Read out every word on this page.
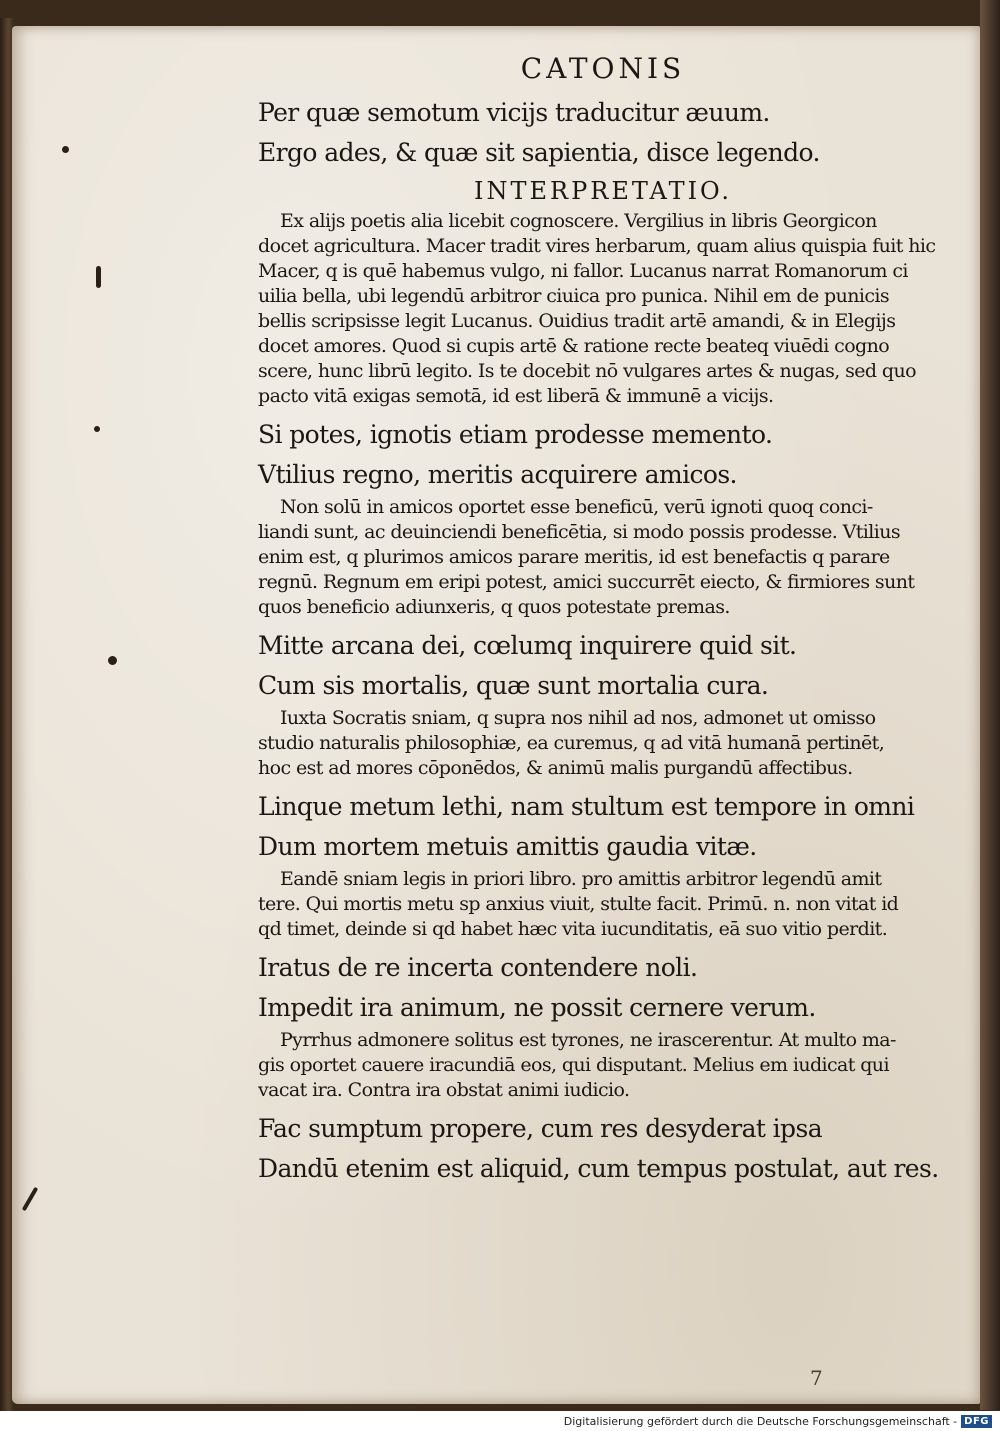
CATONIS

Per quæ semotum vicijs traducitur æuum.

Ergo ades, & quæ sit sapientia, disce legendo.

INTERPRETATIO.
Ex alijs poetis alia licebit cognoscere. Vergilius in libris Georgicon
docet agricultura. Macer tradit vires herbarum, quam alius quispia fuit hic
Macer, q is quē habemus vulgo, ni fallor. Lucanus narrat Romanorum ci
uilia bella, ubi legendū arbitror ciuica pro punica. Nihil em de punicis
bellis scripsisse legit Lucanus. Ouidius tradit artē amandi, & in Elegijs
docet amores. Quod si cupis artē & ratione recte beateq viuēdi cogno
scere, hunc librū legito. Is te docebit nō vulgares artes & nugas, sed quo
pacto vitā exigas semotā, id est liberā & immunē a vicijs.

Si potes, ignotis etiam prodesse memento.

Vtilius regno, meritis acquirere amicos.

Non solū in amicos oportet esse beneficū, verū ignoti quoq conci-
liandi sunt, ac deuinciendi beneficētia, si modo possis prodesse. Vtilius
enim est, q plurimos amicos parare meritis, id est benefactis q parare
regnū. Regnum em eripi potest, amici succurrēt eiecto, & firmiores sunt
quos beneficio adiunxeris, q quos potestate premas.

Mitte arcana dei, cœlumq inquirere quid sit.

Cum sis mortalis, quæ sunt mortalia cura.

Iuxta Socratis sniam, q supra nos nihil ad nos, admonet ut omisso
studio naturalis philosophiæ, ea curemus, q ad vitā humanā pertinēt,
hoc est ad mores cōponēdos, & animū malis purgandū affectibus.

Linque metum lethi, nam stultum est tempore in omni

Dum mortem metuis amittis gaudia vitæ.

Eandē sniam legis in priori libro. pro amittis arbitror legendū amit
tere. Qui mortis metu sp anxius viuit, stulte facit. Primū. n. non vitat id
qd timet, deinde si qd habet hæc vita iucunditatis, eā suo vitio perdit.

Iratus de re incerta contendere noli.

Impedit ira animum, ne possit cernere verum.

Pyrrhus admonere solitus est tyrones, ne irascerentur. At multo ma-
gis oportet cauere iracundiā eos, qui disputant. Melius em iudicat qui
vacat ira. Contra ira obstat animi iudicio.

Fac sumptum propere, cum res desyderat ipsa

Dandū etenim est aliquid, cum tempus postulat, aut res.

7
Digitalisierung gefördert durch die Deutsche Forschungsgemeinschaft - DFG
